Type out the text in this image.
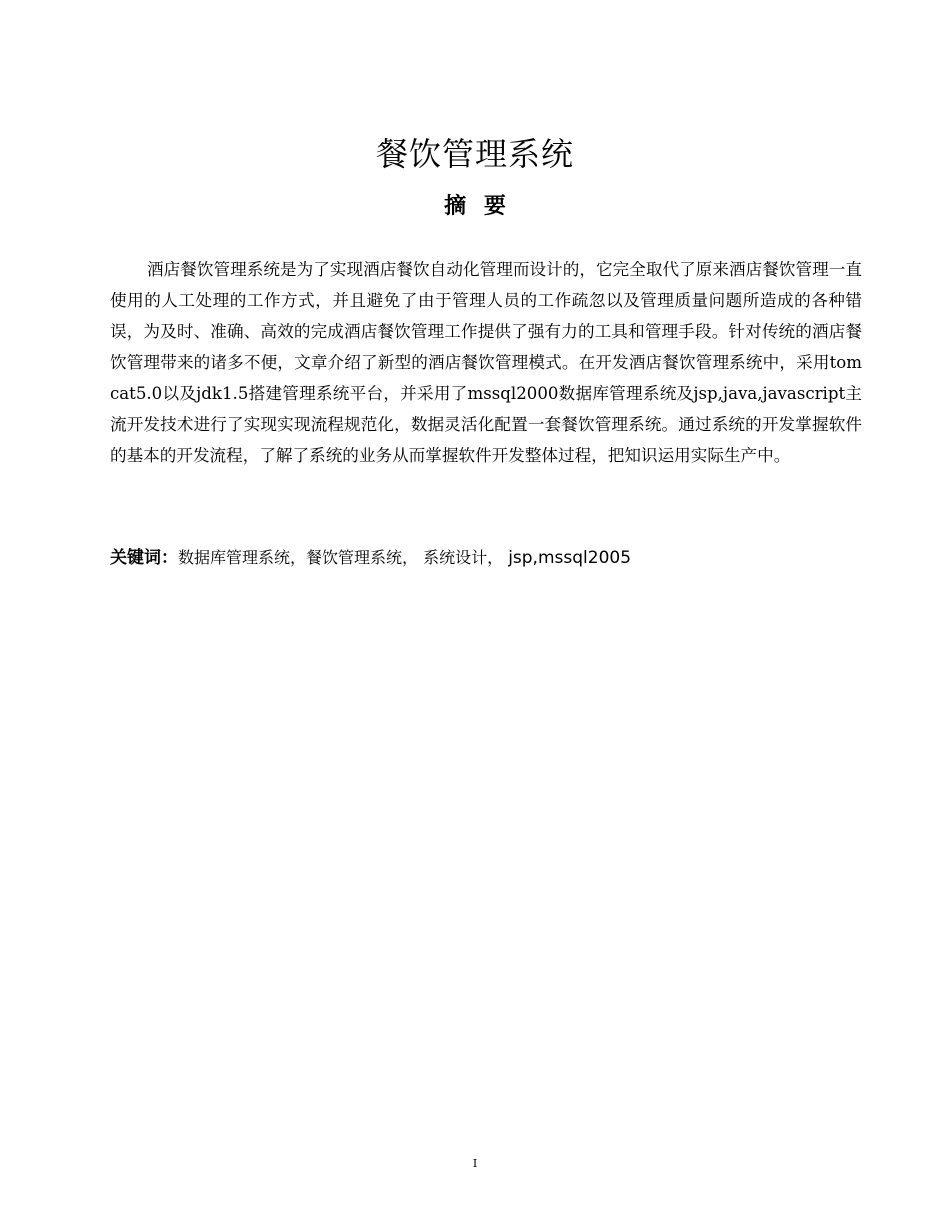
餐饮管理系统
摘 要

酒店餐饮管理系统是为了实现酒店餐饮自动化管理而设计的，它完全取代了原来酒店餐饮管理一直使用的人工处理的工作方式，并且避免了由于管理人员的工作疏忽以及管理质量问题所造成的各种错误，为及时、准确、高效的完成酒店餐饮管理工作提供了强有力的工具和管理手段。针对传统的酒店餐饮管理带来的诸多不便，文章介绍了新型的酒店餐饮管理模式。在开发酒店餐饮管理系统中，采用tomcat5.0以及jdk1.5搭建管理系统平台，并采用了mssql2000数据库管理系统及jsp,java,javascript主流开发技术进行了实现实现流程规范化，数据灵活化配置一套餐饮管理系统。通过系统的开发掌握软件的基本的开发流程，了解了系统的业务从而掌握软件开发整体过程，把知识运用实际生产中。

关键词：数据库管理系统，餐饮管理系统， 系统设计， jsp,mssql2005
I
